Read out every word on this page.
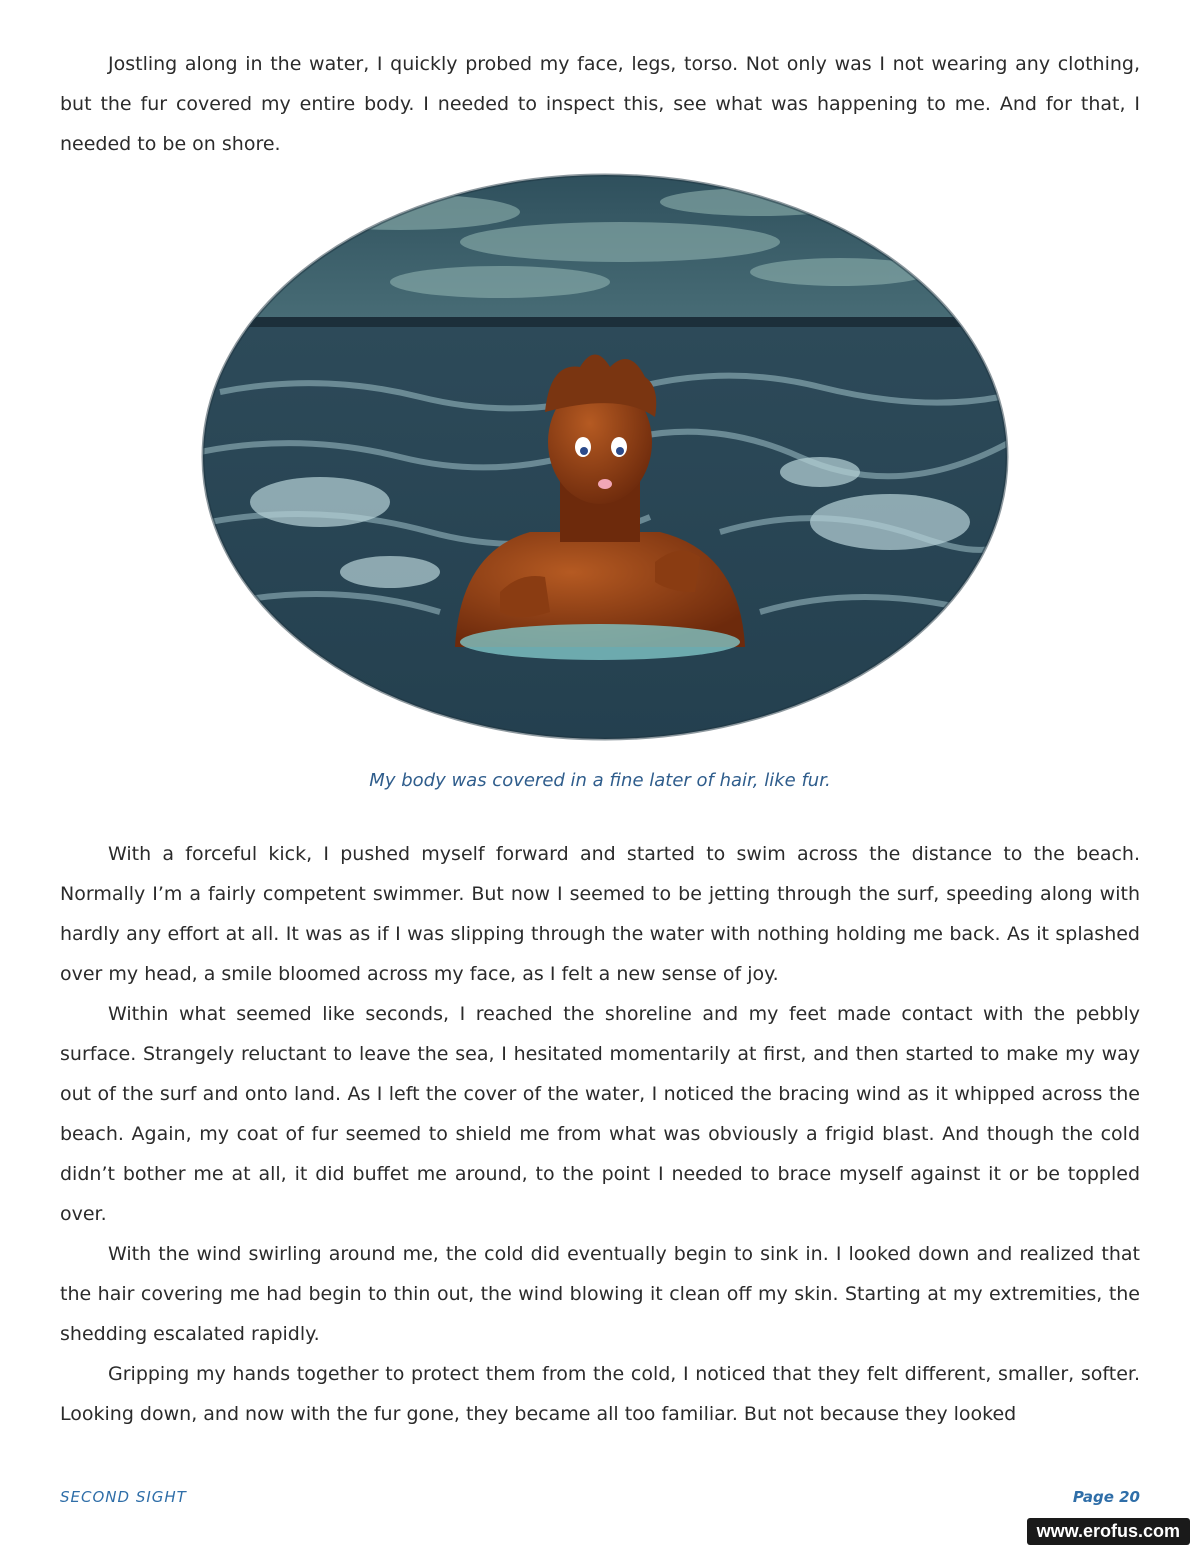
Jostling along in the water, I quickly probed my face, legs, torso. Not only was I not wearing any clothing, but the fur covered my entire body. I needed to inspect this, see what was happening to me. And for that, I needed to be on shore.

My body was covered in a fine later of hair, like fur.

With a forceful kick, I pushed myself forward and started to swim across the distance to the beach. Normally I’m a fairly competent swimmer. But now I seemed to be jetting through the surf, speeding along with hardly any effort at all. It was as if I was slipping through the water with nothing holding me back. As it splashed over my head, a smile bloomed across my face, as I felt a new sense of joy.

Within what seemed like seconds, I reached the shoreline and my feet made contact with the pebbly surface. Strangely reluctant to leave the sea, I hesitated momentarily at first, and then started to make my way out of the surf and onto land. As I left the cover of the water, I noticed the bracing wind as it whipped across the beach. Again, my coat of fur seemed to shield me from what was obviously a frigid blast. And though the cold didn’t bother me at all, it did buffet me around, to the point I needed to brace myself against it or be toppled over.

With the wind swirling around me, the cold did eventually begin to sink in. I looked down and realized that the hair covering me had begin to thin out, the wind blowing it clean off my skin. Starting at my extremities, the shedding escalated rapidly.

Gripping my hands together to protect them from the cold, I noticed that they felt different, smaller, softer. Looking down, and now with the fur gone, they became all too familiar. But not because they looked

SECOND SIGHT	Page 20
www.erofus.com
